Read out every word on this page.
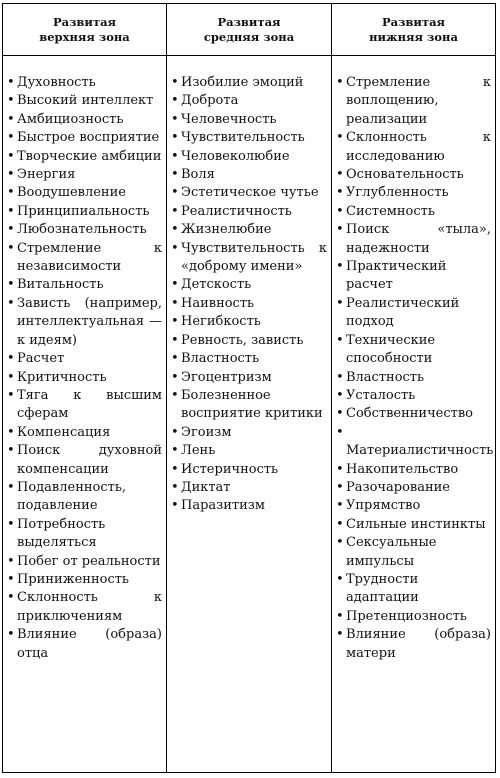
Развитая
верхняя зона
• Духовность
• Высокий интеллект
• Амбициозность
• Быстрое восприятие
• Творческие амбиции
• Энергия
• Воодушевление
• Принципиальность
• Любознательность
• Стремление к независимости
• Витальность
• Зависть (например, интеллектуальная — к идеям)
• Расчет
• Критичность
• Тяга к высшим сферам
• Компенсация
• Поиск духовной компенсации
• Подавленность, подавление
• Потребность выделяться
• Побег от реальности
• Приниженность
• Склонность к приключениям
• Влияние (образа) отца
Развитая
средняя зона
• Изобилие эмоций
• Доброта
• Человечность
• Чувствительность
• Человеколюбие
• Воля
• Эстетическое чутье
• Реалистичность
• Жизнелюбие
• Чувствительность к «доброму имени»
• Детскость
• Наивность
• Негибкость
• Ревность, зависть
• Властность
• Эгоцентризм
• Болезненное восприятие критики
• Эгоизм
• Лень
• Истеричность
• Диктат
• Паразитизм
Развитая
нижняя зона
• Стремление к воплощению, реализации
• Склонность к исследованию
• Основательность
• Углубленность
• Системность
• Поиск «тыла», надежности
• Практический расчет
• Реалистический подход
• Технические способности
• Властность
• Усталость
• Собственничество
• Материалистичность
• Накопительство
• Разочарование
• Упрямство
• Сильные инстинкты
• Сексуальные импульсы
• Трудности адаптации
• Претенциозность
• Влияние (образа) матери
